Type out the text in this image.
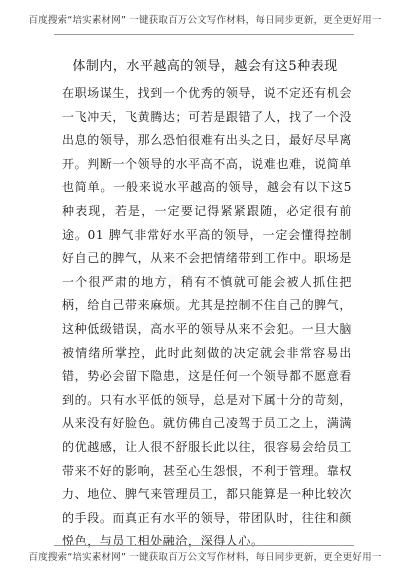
百度搜索“培实素材网” 一键获取百万公文写作材料，每日同步更新，更全更好用一
体制内，水平越高的领导，越会有这5种表现

在职场谋生，找到一个优秀的领导，说不定还有机会一飞冲天，飞黄腾达；可若是跟错了人，找了一个没出息的领导，那么恐怕很难有出头之日，最好尽早离开。判断一个领导的水平高不高，说难也难，说简单也简单。一般来说水平越高的领导，越会有以下这5种表现，若是，一定要记得紧紧跟随，必定很有前途。01 脾气非常好水平高的领导，一定会懂得控制好自己的脾气，从来不会把情绪带到工作中。职场是一个很严肃的地方，稍有不慎就可能会被人抓住把柄，给自己带来麻烦。尤其是控制不住自己的脾气，这种低级错误，高水平的领导从来不会犯。一旦大脑被情绪所掌控，此时此刻做的决定就会非常容易出错，势必会留下隐患，这是任何一个领导都不愿意看到的。只有水平低的领导，总是对下属十分的苛刻，从来没有好脸色。就仿佛自己凌驾于员工之上，满满的优越感，让人很不舒服长此以往，很容易会给员工带来不好的影响，甚至心生怨恨，不利于管理。靠权力、地位、脾气来管理员工，都只能算是一种比较次的手段。而真正有水平的领导，带团队时，往往和颜悦色，与员工相处融洽，深得人心。

培实素材网
百度搜索“培实素材网” 一键获取百万公文写作材料，每日同步更新，更全更好用一
